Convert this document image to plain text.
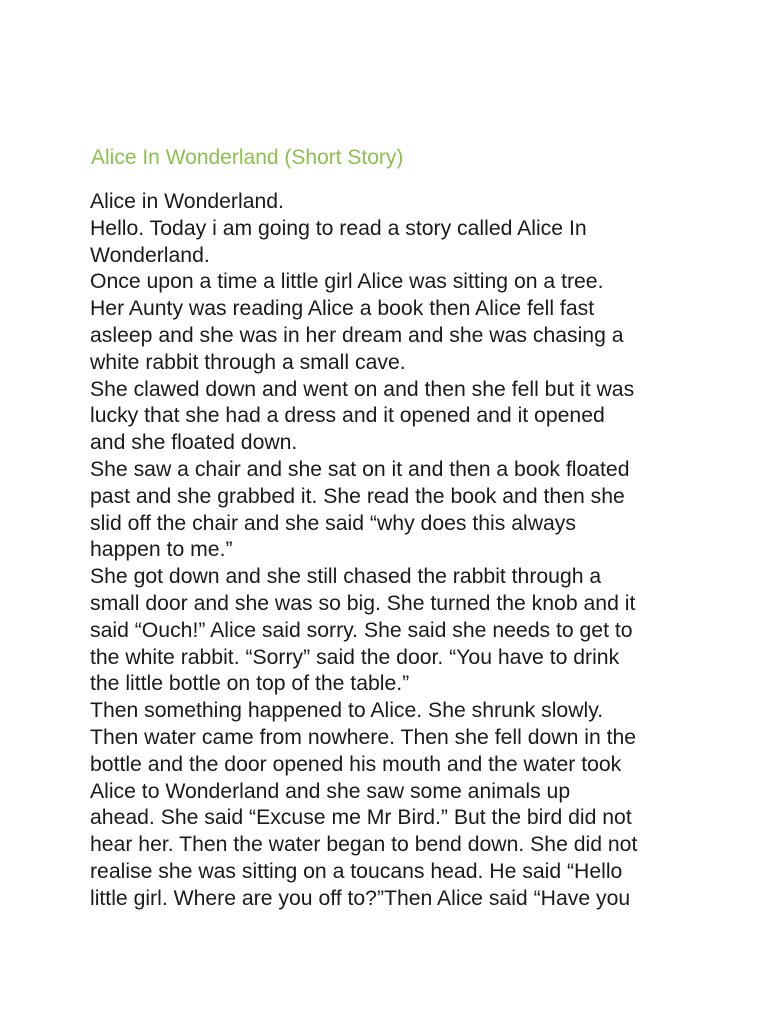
Alice In Wonderland (Short Story)
Alice in Wonderland.
Hello. Today i am going to read a story called Alice In
Wonderland.
Once upon a time a little girl Alice was sitting on a tree.
Her Aunty was reading Alice a book then Alice fell fast
asleep and she was in her dream and she was chasing a
white rabbit through a small cave.
She clawed down and went on and then she fell but it was
lucky that she had a dress and it opened and it opened
and she floated down.
She saw a chair and she sat on it and then a book floated
past and she grabbed it. She read the book and then she
slid off the chair and she said “why does this always
happen to me.”
She got down and she still chased the rabbit through a
small door and she was so big. She turned the knob and it
said “Ouch!” Alice said sorry. She said she needs to get to
the white rabbit. “Sorry” said the door. “You have to drink
the little bottle on top of the table.”
Then something happened to Alice. She shrunk slowly.
Then water came from nowhere. Then she fell down in the
bottle and the door opened his mouth and the water took
Alice to Wonderland and she saw some animals up
ahead. She said “Excuse me Mr Bird.” But the bird did not
hear her. Then the water began to bend down. She did not
realise she was sitting on a toucans head. He said “Hello
little girl. Where are you off to?”Then Alice said “Have you
